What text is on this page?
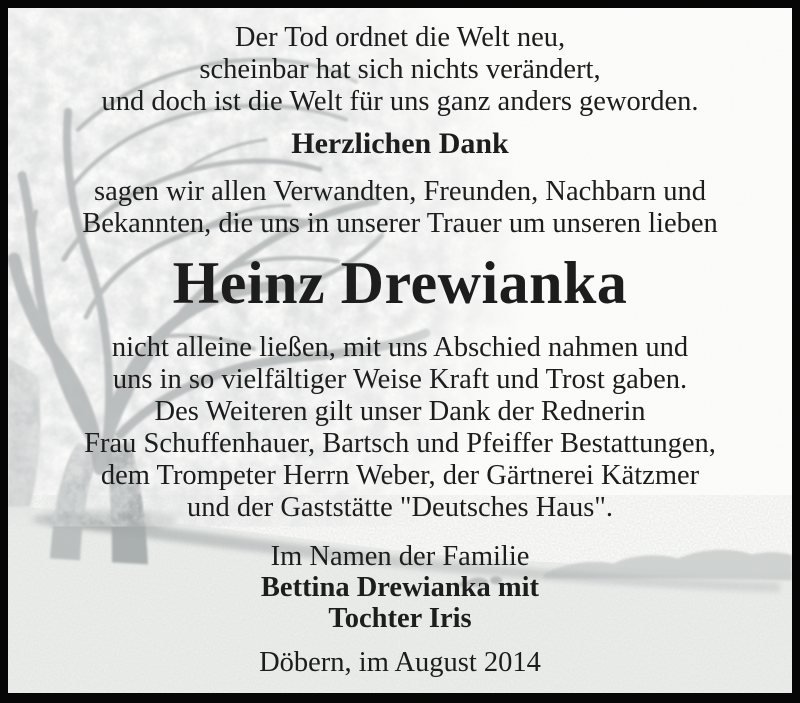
Der Tod ordnet die Welt neu,
scheinbar hat sich nichts verändert,
und doch ist die Welt für uns ganz anders geworden.
Herzlichen Dank
sagen wir allen Verwandten, Freunden, Nachbarn und
Bekannten, die uns in unserer Trauer um unseren lieben
Heinz Drewianka
nicht alleine ließen, mit uns Abschied nahmen und
uns in so vielfältiger Weise Kraft und Trost gaben.
Des Weiteren gilt unser Dank der Rednerin
Frau Schuffenhauer, Bartsch und Pfeiffer Bestattungen,
dem Trompeter Herrn Weber, der Gärtnerei Kätzmer
und der Gaststätte "Deutsches Haus".
Im Namen der Familie
Bettina Drewianka mit
Tochter Iris
Döbern, im August 2014
